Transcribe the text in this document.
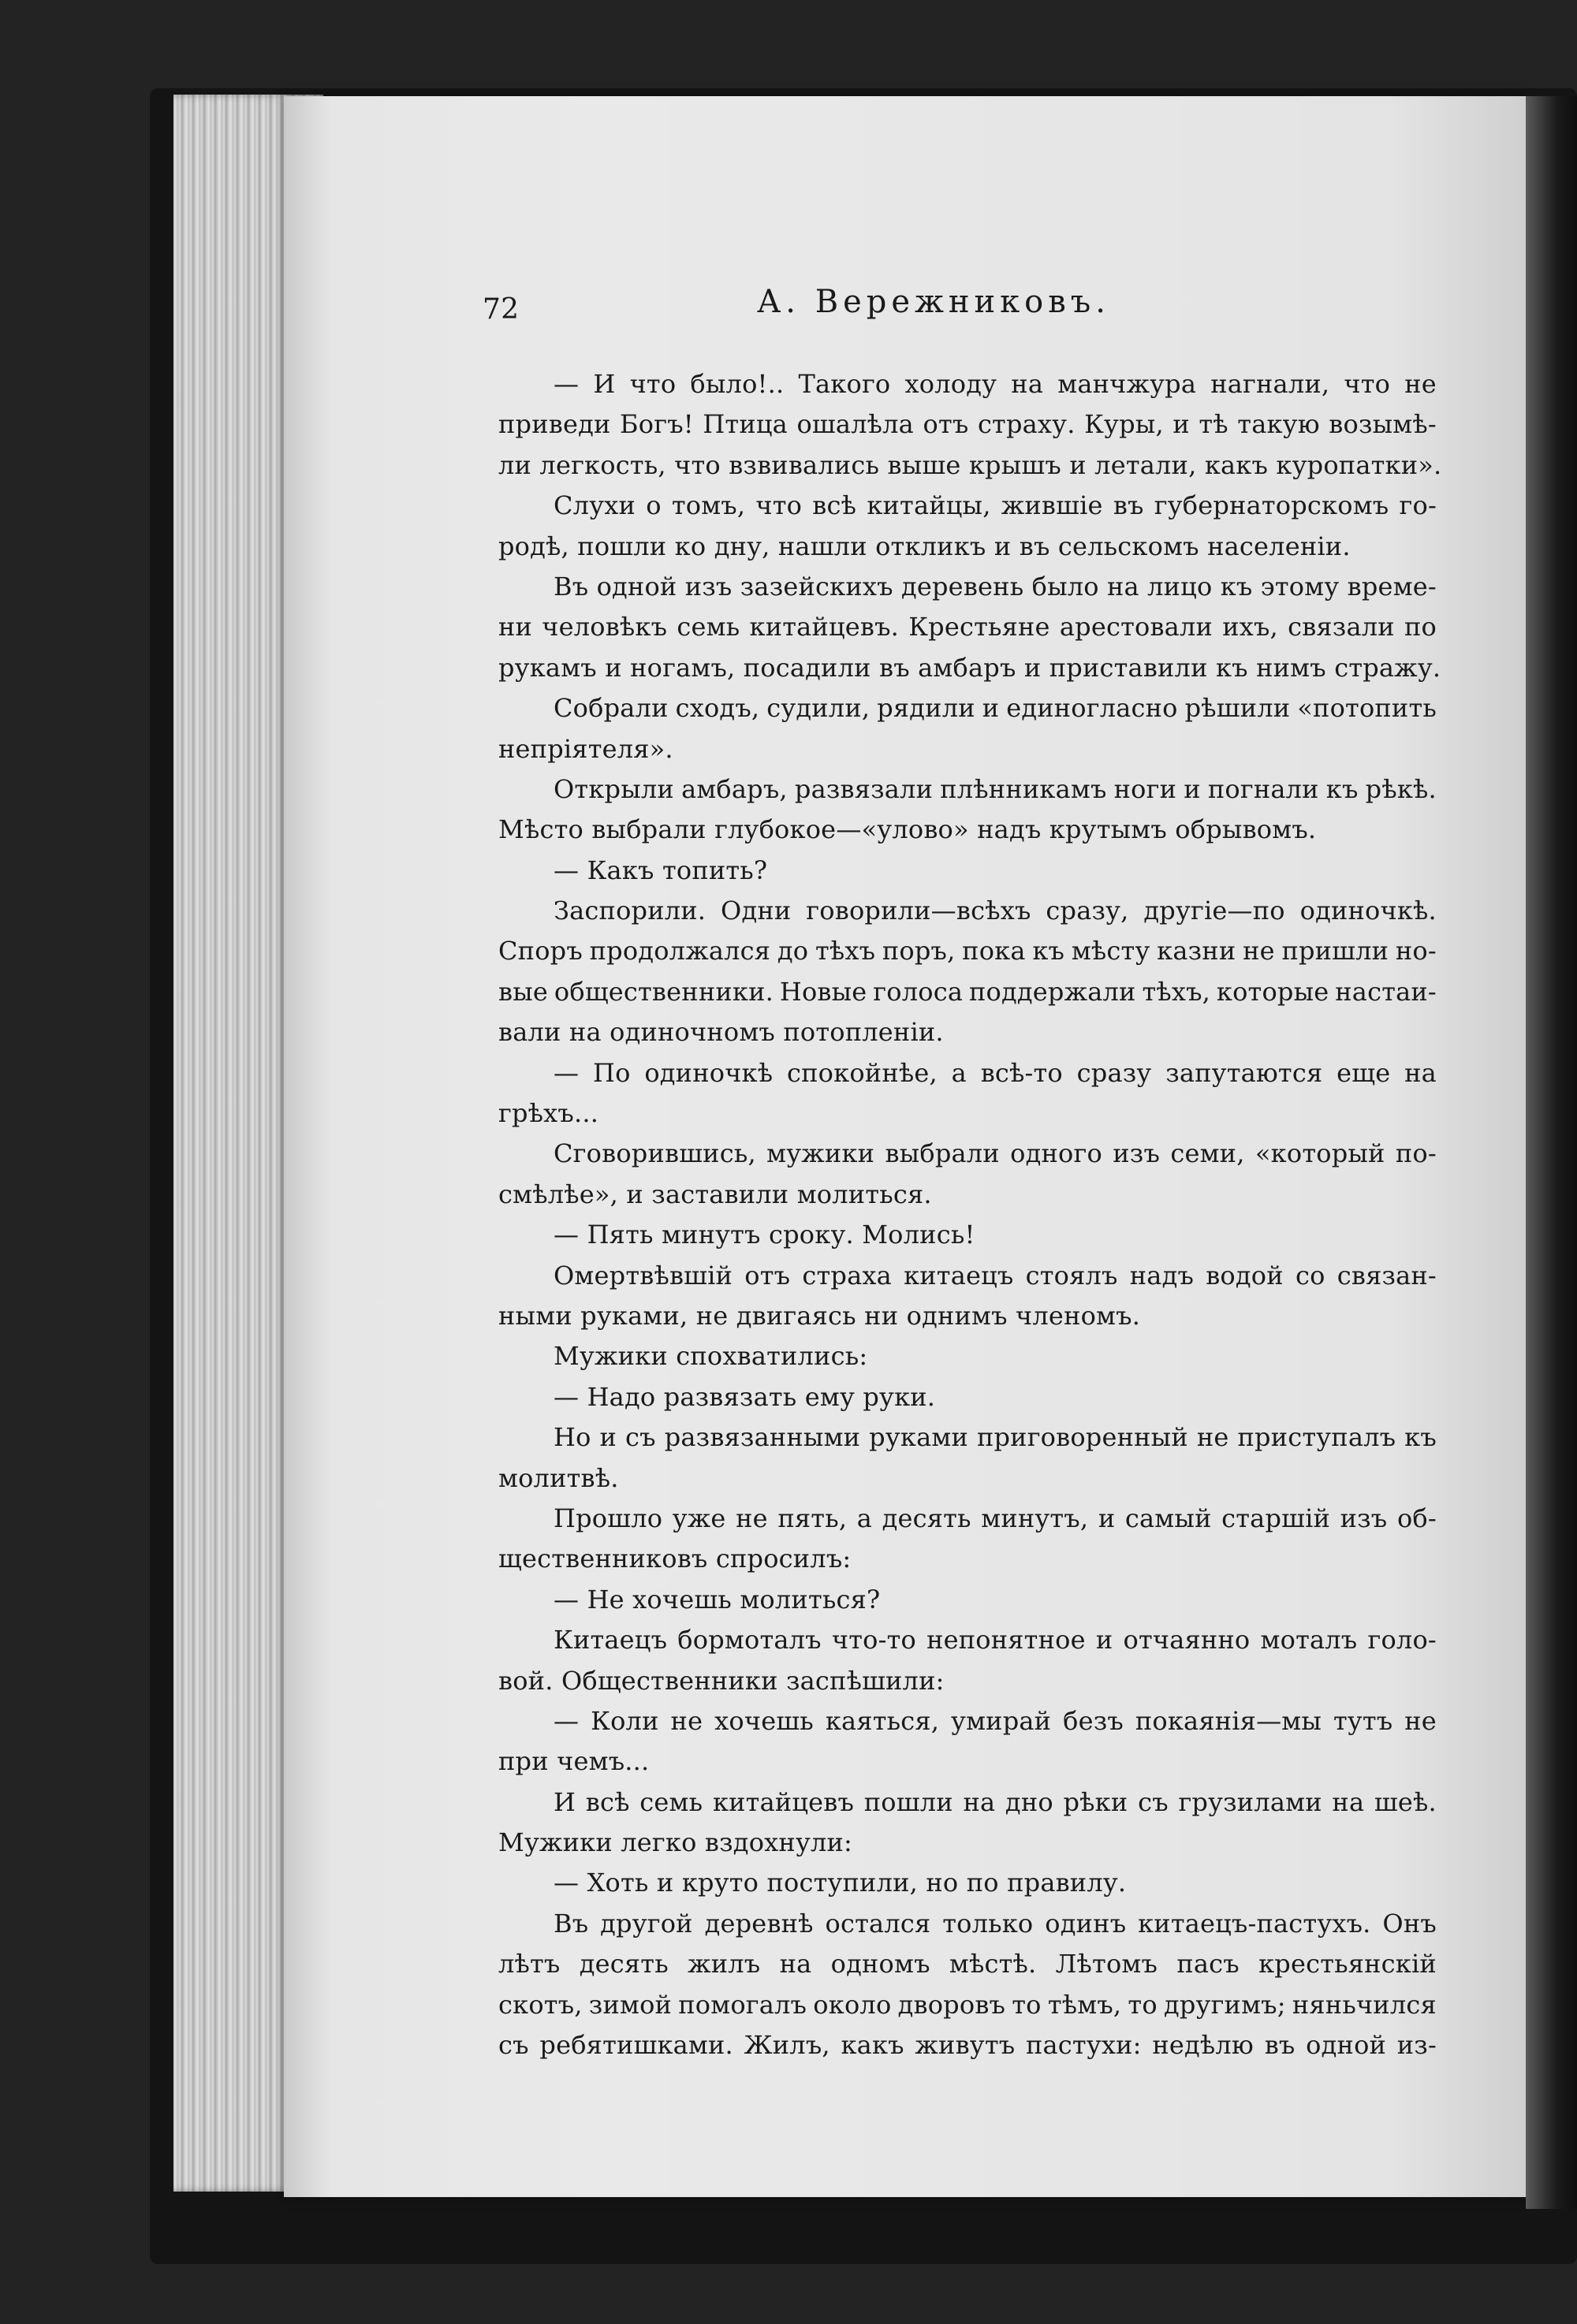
72	А. Вережниковъ.
— И что было!.. Такого холоду на манчжура нагнали, что не
приведи Богъ! Птица ошалѣла отъ страху. Куры, и тѣ такую возымѣ-
ли легкость, что взвивались выше крышъ и летали, какъ куропатки».
Слухи о томъ, что всѣ китайцы, жившіе въ губернаторскомъ го-
родѣ, пошли ко дну, нашли откликъ и въ сельскомъ населеніи.
Въ одной изъ зазейскихъ деревень было на лицо къ этому време-
ни человѣкъ семь китайцевъ. Крестьяне арестовали ихъ, связали по
рукамъ и ногамъ, посадили въ амбаръ и приставили къ нимъ стражу.
Собрали сходъ, судили, рядили и единогласно рѣшили «потопить
непріятеля».
Открыли амбаръ, развязали плѣнникамъ ноги и погнали къ рѣкѣ.
Мѣсто выбрали глубокое—«улово» надъ крутымъ обрывомъ.
— Какъ топить?
Заспорили. Одни говорили—всѣхъ сразу, другіе—по одиночкѣ.
Споръ продолжался до тѣхъ поръ, пока къ мѣсту казни не пришли но-
вые общественники. Новые голоса поддержали тѣхъ, которые настаи-
вали на одиночномъ потопленіи.
— По одиночкѣ спокойнѣе, а всѣ-то сразу запутаются еще на
грѣхъ...
Сговорившись, мужики выбрали одного изъ семи, «который по-
смѣлѣе», и заставили молиться.
— Пять минутъ сроку. Молись!
Омертвѣвшій отъ страха китаецъ стоялъ надъ водой со связан-
ными руками, не двигаясь ни однимъ членомъ.
Мужики спохватились:
— Надо развязать ему руки.
Но и съ развязанными руками приговоренный не приступалъ къ
молитвѣ.
Прошло уже не пять, а десять минутъ, и самый старшій изъ об-
щественниковъ спросилъ:
— Не хочешь молиться?
Китаецъ бормоталъ что-то непонятное и отчаянно моталъ голо-
вой. Общественники заспѣшили:
— Коли не хочешь каяться, умирай безъ покаянія—мы тутъ не
при чемъ...
И всѣ семь китайцевъ пошли на дно рѣки съ грузилами на шеѣ.
Мужики легко вздохнули:
— Хоть и круто поступили, но по правилу.
Въ другой деревнѣ остался только одинъ китаецъ-пастухъ. Онъ
лѣтъ десять жилъ на одномъ мѣстѣ. Лѣтомъ пасъ крестьянскій
скотъ, зимой помогалъ около дворовъ то тѣмъ, то другимъ; няньчился
съ ребятишками. Жилъ, какъ живутъ пастухи: недѣлю въ одной из-
